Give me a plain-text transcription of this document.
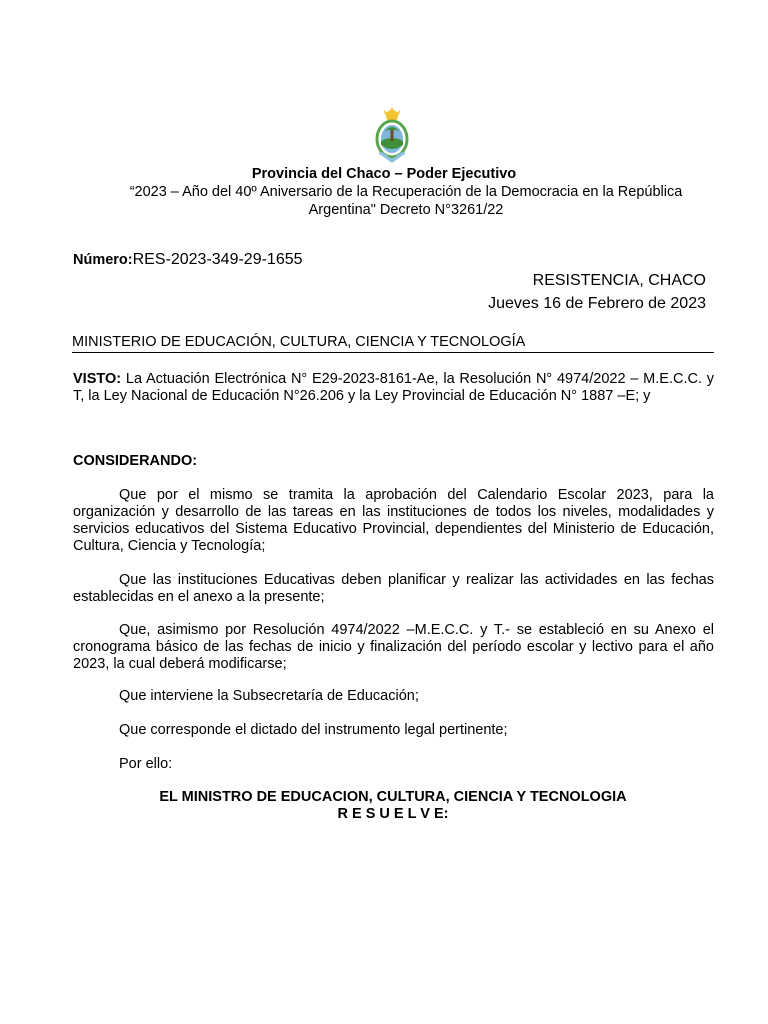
Provincia del Chaco – Poder Ejecutivo
“2023 – Año del 40º Aniversario de la Recuperación de la Democracia en la República
Argentina" Decreto N°3261/22
Número:RES-2023-349-29-1655
RESISTENCIA, CHACO
Jueves 16 de Febrero de 2023
MINISTERIO DE EDUCACIÓN, CULTURA, CIENCIA Y TECNOLOGÍA
VISTO: La Actuación Electrónica N° E29-2023-8161-Ae, la Resolución N° 4974/2022 – M.E.C.C. y T, la Ley Nacional de Educación N°26.206 y la Ley Provincial de Educación N° 1887 –E; y
CONSIDERANDO:
Que por el mismo se tramita la aprobación del Calendario Escolar 2023, para la organización y desarrollo de las tareas en las instituciones de todos los niveles, modalidades y servicios educativos del Sistema Educativo Provincial, dependientes del Ministerio de Educación, Cultura, Ciencia y Tecnología;
Que las instituciones Educativas deben planificar y realizar las actividades en las fechas establecidas en el anexo a la presente;
Que, asimismo por Resolución 4974/2022 –M.E.C.C. y T.- se estableció en su Anexo el cronograma básico de las fechas de inicio y finalización del período escolar y lectivo para el año 2023, la cual deberá modificarse;
Que interviene la Subsecretaría de Educación;
Que corresponde el dictado del instrumento legal pertinente;
Por ello:
EL MINISTRO DE EDUCACION, CULTURA, CIENCIA Y TECNOLOGIA
R E S U E L V E:
